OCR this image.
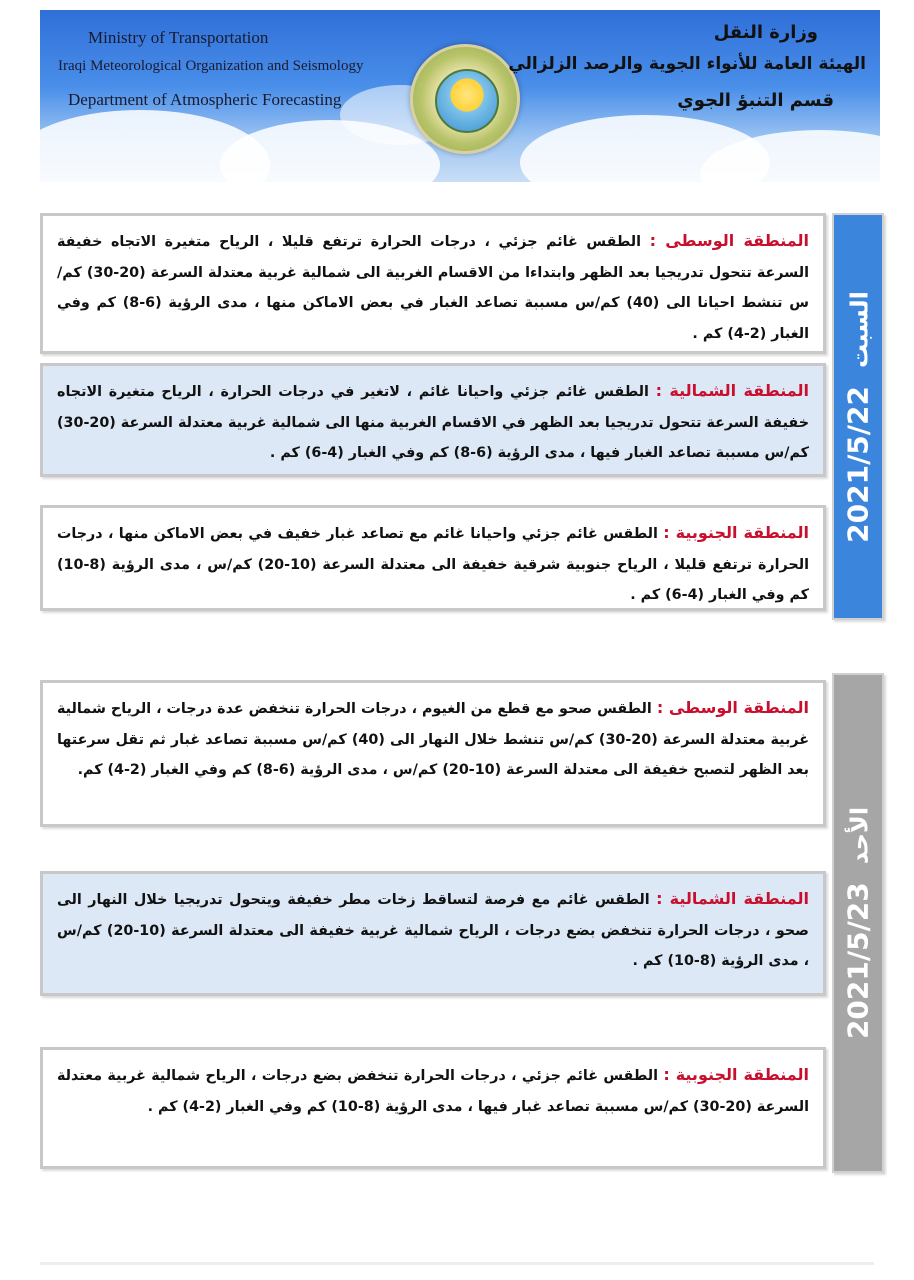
Ministry of Transportation
Iraqi Meteorological Organization and Seismology
Department of Atmospheric Forecasting
وزارة النقل
الهيئة العامة للأنواء الجوية والرصد الزلزالي
قسم التنبؤ الجوي
2021/5/22السبت

المنطقة الوسطى : الطقس غائم جزئي ، درجات الحرارة ترتفع قليلا ، الرياح متغيرة الاتجاه خفيفة السرعة تتحول تدريجيا بعد الظهر وابتداءا من الاقسام الغربية الى شمالية غربية معتدلة السرعة (20-30) كم/س تنشط احيانا الى (40) كم/س مسببة تصاعد الغبار في بعض الاماكن منها ، مدى الرؤية (6-8) كم وفي الغبار (2-4) كم .

المنطقة الشمالية : الطقس غائم جزئي واحيانا غائم ، لاتغير في درجات الحرارة ، الرياح متغيرة الاتجاه خفيفة السرعة تتحول تدريجيا بعد الظهر في الاقسام الغربية منها الى شمالية غربية معتدلة السرعة (20-30) كم/س مسببة تصاعد الغبار فيها ، مدى الرؤية (6-8) كم وفي الغبار (4-6) كم .

المنطقة الجنوبية : الطقس غائم جزئي واحيانا غائم مع تصاعد غبار خفيف في بعض الاماكن منها ، درجات الحرارة ترتفع قليلا ، الرياح جنوبية شرقية خفيفة الى معتدلة السرعة (10-20) كم/س ، مدى الرؤية (8-10) كم وفي الغبار (4-6) كم .

2021/5/23الأحد

المنطقة الوسطى : الطقس صحو مع قطع من الغيوم ، درجات الحرارة تنخفض عدة درجات ، الرياح شمالية غربية معتدلة السرعة (20-30) كم/س تنشط خلال النهار الى (40) كم/س مسببة تصاعد غبار ثم تقل سرعتها بعد الظهر لتصبح خفيفة الى معتدلة السرعة (10-20) كم/س ، مدى الرؤية (6-8) كم وفي الغبار (2-4) كم.

المنطقة الشمالية : الطقس غائم مع فرصة لتساقط زخات مطر خفيفة ويتحول تدريجيا خلال النهار الى صحو ، درجات الحرارة تنخفض بضع درجات ، الرياح شمالية غربية خفيفة الى معتدلة السرعة (10-20) كم/س ، مدى الرؤية (8-10) كم .

المنطقة الجنوبية : الطقس غائم جزئي ، درجات الحرارة تنخفض بضع درجات ، الرياح شمالية غربية معتدلة السرعة (20-30) كم/س مسببة تصاعد غبار فيها ، مدى الرؤية (8-10) كم وفي الغبار (2-4) كم .
